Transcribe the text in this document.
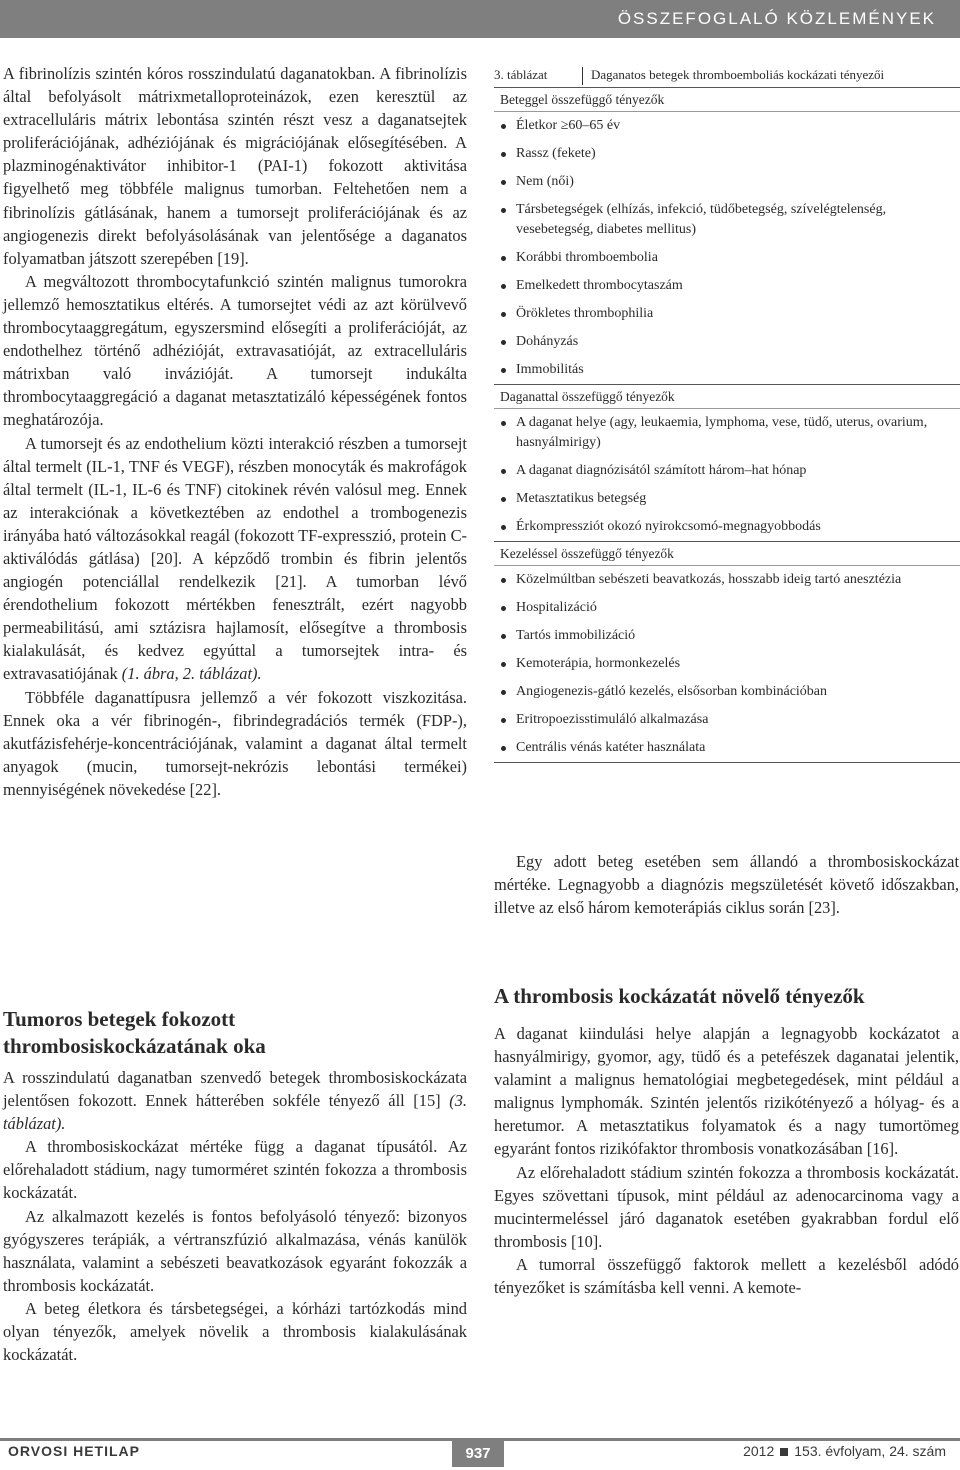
ÖSSZEFOGLALÓ KÖZLEMÉNYEK

A fibrinolízis szintén kóros rosszindulatú daganatokban. A fibrinolízis által befolyásolt mátrixmetalloproteinázok, ezen keresztül az extracelluláris mátrix lebontása szintén részt vesz a daganatsejtek proliferációjának, adhéziójának és migrációjának elősegítésében. A plazminogénaktivátor inhibitor-1 (PAI-1) fokozott aktivitása figyelhető meg többféle malignus tumorban. Feltehetően nem a fibrinolízis gátlásának, hanem a tumorsejt proliferációjának és az angiogenezis direkt befolyásolásának van jelentősége a daganatos folyamatban játszott szerepében [19].

A megváltozott thrombocytafunkció szintén malignus tumorokra jellemző hemosztatikus eltérés. A tumorsejtet védi az azt körülvevő thrombocytaaggregátum, egyszersmind elősegíti a proliferációját, az endothelhez történő adhézióját, extravasatióját, az extracelluláris mátrixban való invázióját. A tumorsejt indukálta thrombocytaaggregáció a daganat metasztatizáló képességének fontos meghatározója.

A tumorsejt és az endothelium közti interakció részben a tumorsejt által termelt (IL-1, TNF és VEGF), részben monocyták és makrofágok által termelt (IL-1, IL-6 és TNF) citokinek révén valósul meg. Ennek az interakciónak a következtében az endothel a trombogenezis irányába ható változásokkal reagál (fokozott TF-expresszió, protein C-aktiválódás gátlása) [20]. A képződő trombin és fibrin jelentős angiogén potenciállal rendelkezik [21]. A tumorban lévő érendothelium fokozott mértékben fenesztrált, ezért nagyobb permeabilitású, ami sztázisra hajlamosít, elősegítve a thrombosis kialakulását, és kedvez egyúttal a tumorsejtek intra- és extravasatiójának (1. ábra, 2. táblázat).

Többféle daganattípusra jellemző a vér fokozott viszkozitása. Ennek oka a vér fibrinogén-, fibrindegradációs termék (FDP-), akutfázisfehérje-koncentrációjának, valamint a daganat által termelt anyagok (mucin, tumorsejt-nekrózis lebontási termékei) mennyiségének növekedése [22].

Tumoros betegek fokozott thrombosiskockázatának oka

A rosszindulatú daganatban szenvedő betegek thrombosiskockázata jelentősen fokozott. Ennek hátterében sokféle tényező áll [15] (3. táblázat).

A thrombosiskockázat mértéke függ a daganat típusától. Az előrehaladott stádium, nagy tumorméret szintén fokozza a thrombosis kockázatát.

Az alkalmazott kezelés is fontos befolyásoló tényező: bizonyos gyógyszeres terápiák, a vértranszfúzió alkalmazása, vénás kanülök használata, valamint a sebészeti beavatkozások egyaránt fokozzák a thrombosis kockázatát.

A beteg életkora és társbetegségei, a kórházi tartózkodás mind olyan tényezők, amelyek növelik a thrombosis kialakulásának kockázatát.

3. táblázat	Daganatos betegek thromboemboliás kockázati tényezői
Beteggel összefüggő tényezők
Életkor ≥60–65 év
Rassz (fekete)
Nem (női)
Társbetegségek (elhízás, infekció, tüdőbetegség, szívelégtelenség, vesebetegség, diabetes mellitus)
Korábbi thromboembolia
Emelkedett thrombocytaszám
Örökletes thrombophilia
Dohányzás
Immobilitás
Daganattal összefüggő tényezők
A daganat helye (agy, leukaemia, lymphoma, vese, tüdő, uterus, ovarium, hasnyálmirigy)
A daganat diagnózisától számított három–hat hónap
Metasztatikus betegség
Érkompressziót okozó nyirokcsomó-megnagyobbodás
Kezeléssel összefüggő tényezők
Közelmúltban sebészeti beavatkozás, hosszabb ideig tartó anesztézia
Hospitalizáció
Tartós immobilizáció
Kemoterápia, hormonkezelés
Angiogenezis-gátló kezelés, elsősorban kombinációban
Eritropoezisstimuláló alkalmazása
Centrális vénás katéter használata

Egy adott beteg esetében sem állandó a thrombosiskockázat mértéke. Legnagyobb a diagnózis megszületését követő időszakban, illetve az első három kemoterápiás ciklus során [23].

A thrombosis kockázatát növelő tényezők

A daganat kiindulási helye alapján a legnagyobb kockázatot a hasnyálmirigy, gyomor, agy, tüdő és a petefészek daganatai jelentik, valamint a malignus hematológiai megbetegedések, mint például a malignus lymphomák. Szintén jelentős rizikótényező a hólyag- és a heretumor. A metasztatikus folyamatok és a nagy tumortömeg egyaránt fontos rizikófaktor thrombosis vonatkozásában [16].

Az előrehaladott stádium szintén fokozza a thrombosis kockázatát. Egyes szövettani típusok, mint például az adenocarcinoma vagy a mucintermeléssel járó daganatok esetében gyakrabban fordul elő thrombosis [10].

A tumorral összefüggő faktorok mellett a kezelésből adódó tényezőket is számításba kell venni. A kemote-

ORVOSI HETILAP	937	2012 153. évfolyam, 24. szám
